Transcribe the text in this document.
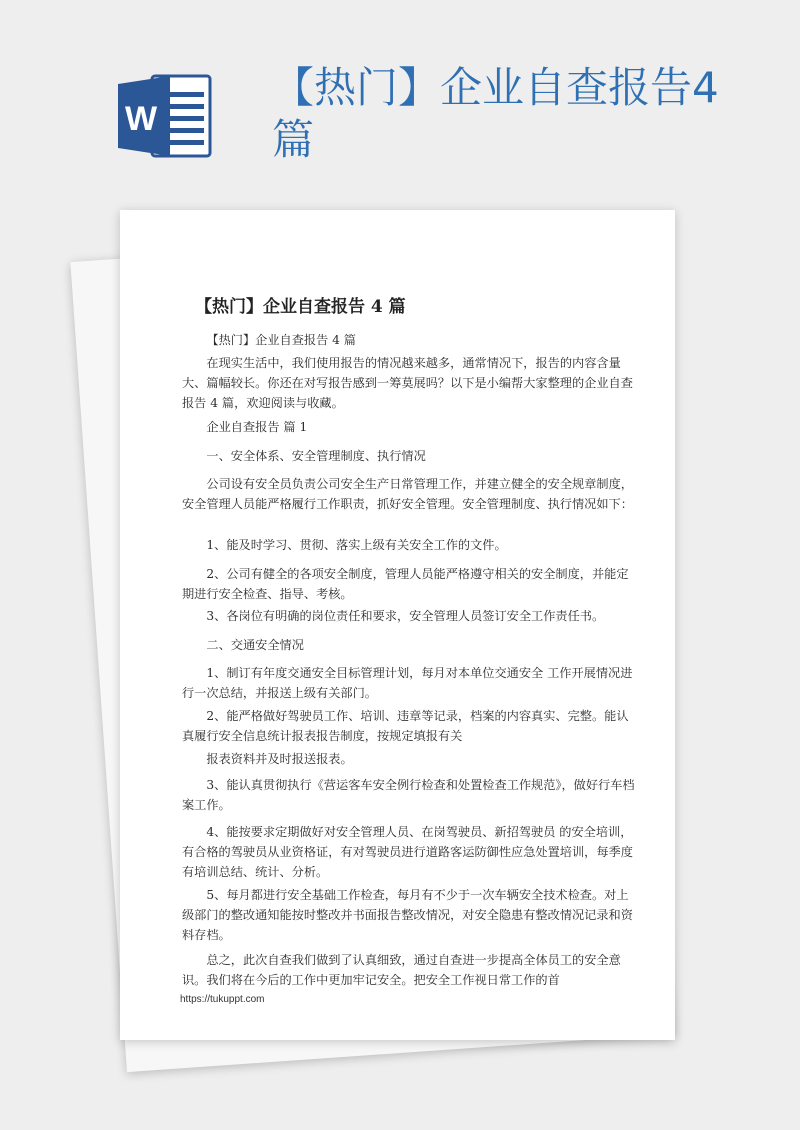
W
【热门】企业自查报告4篇
【热门】企业自查报告 4 篇

【热门】企业自查报告 4 篇

在现实生活中，我们使用报告的情况越来越多，通常情况下，报告的内容含量大、篇幅较长。你还在对写报告感到一筹莫展吗？以下是小编帮大家整理的企业自查报告 4 篇，欢迎阅读与收藏。

企业自查报告 篇 1

一、安全体系、安全管理制度、执行情况

公司设有安全员负责公司安全生产日常管理工作，并建立健全的安全规章制度，安全管理人员能严格履行工作职责，抓好安全管理。安全管理制度、执行情况如下：

1、能及时学习、贯彻、落实上级有关安全工作的文件。

2、公司有健全的各项安全制度，管理人员能严格遵守相关的安全制度，并能定期进行安全检查、指导、考核。

3、各岗位有明确的岗位责任和要求，安全管理人员签订安全工作责任书。

二、交通安全情况

1、制订有年度交通安全目标管理计划，每月对本单位交通安全 工作开展情况进行一次总结，并报送上级有关部门。

2、能严格做好驾驶员工作、培训、违章等记录，档案的内容真实、完整。能认真履行安全信息统计报表报告制度，按规定填报有关

报表资料并及时报送报表。

3、能认真贯彻执行《营运客车安全例行检查和处置检查工作规范》，做好行车档案工作。

4、能按要求定期做好对安全管理人员、在岗驾驶员、新招驾驶员 的安全培训，有合格的驾驶员从业资格证，有对驾驶员进行道路客运防御性应急处置培训，每季度有培训总结、统计、分析。

5、每月都进行安全基础工作检查，每月有不少于一次车辆安全技术检查。对上级部门的整改通知能按时整改并书面报告整改情况，对安全隐患有整改情况记录和资料存档。

总之，此次自查我们做到了认真细致，通过自查进一步提高全体员工的安全意识。我们将在今后的工作中更加牢记安全。把安全工作视日常工作的首

https://tukuppt.com
